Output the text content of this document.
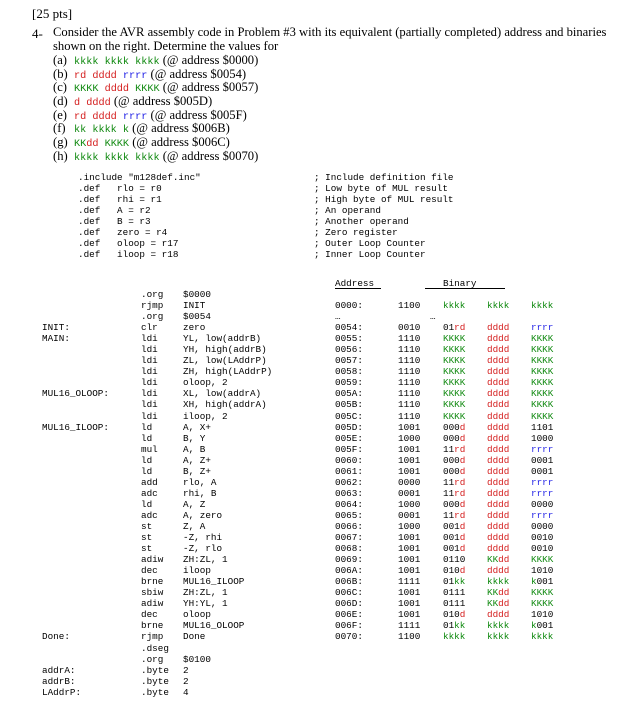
[25 pts]
4- Consider the AVR assembly code in Problem #3 with its equivalent (partially completed) address and binaries shown on the right. Determine the values for
(a) kkkk kkkk kkkk (@ address $0000)
(b) rd dddd rrrr (@ address $0054)
(c) KKKK dddd KKKK (@ address $0057)
(d) d dddd (@ address $005D)
(e) rd dddd rrrr (@ address $005F)
(f) kk kkkk k (@ address $006B)
(g) KKdd KKKK (@ address $006C)
(h) kkkk kkkk kkkk (@ address $0070)
.include "m128def.inc"	; Include definition file
.def   rlo = r0	; Low byte of MUL result
.def   rhi = r1	; High byte of MUL result
.def   A = r2	; An operand
.def   B = r3	; Another operand
.def   zero = r4	; Zero register
.def   oloop = r17	; Outer Loop Counter
.def   iloop = r18	; Inner Loop Counter

Address

	Binary

.org $0000
rjmp INIT	0000:	1100 kkkk kkkk kkkk
.org $0054	…	…
INIT:	clr	zero	0054:	0010 01rd dddd rrrr
MAIN:	ldi	YL, low(addrB)	0055:	1110 KKKK dddd KKKK
ldi	YH, high(addrB)	0056:	1110 KKKK dddd KKKK
ldi	ZL, low(LAddrP)	0057:	1110 KKKK dddd KKKK
ldi	ZH, high(LAddrP)	0058:	1110 KKKK dddd KKKK
ldi	oloop, 2	0059:	1110 KKKK dddd KKKK
MUL16_OLOOP:	ldi	XL, low(addrA)	005A:	1110 KKKK dddd KKKK
ldi	XH, high(addrA)	005B:	1110 KKKK dddd KKKK
ldi	iloop, 2	005C:	1110 KKKK dddd KKKK
MUL16_ILOOP:	ld	A, X+	005D:	1001 000d dddd 1101
ld	B, Y	005E:	1000 000d dddd 1000
mul	A, B	005F:	1001 11rd dddd rrrr
ld	A, Z+	0060:	1001 000d dddd 0001
ld	B, Z+	0061:	1001 000d dddd 0001
add	rlo, A	0062:	0000 11rd dddd rrrr
adc	rhi, B	0063:	0001 11rd dddd rrrr
ld	A, Z	0064:	1000 000d dddd 0000
adc	A, zero	0065:	0001 11rd dddd rrrr
st	Z, A	0066:	1000 001d dddd 0000
st	-Z, rhi	0067:	1001 001d dddd 0010
st	-Z, rlo	0068:	1001 001d dddd 0010
adiw ZH:ZL, 1	0069:	1001 0110 KKdd KKKK
dec	iloop	006A:	1001 010d dddd 1010
brne MUL16_ILOOP	006B:	1111 01kk kkkk k001
sbiw ZH:ZL, 1	006C:	1001 0111 KKdd KKKK
adiw YH:YL, 1	006D:	1001 0111 KKdd KKKK
dec	oloop	006E:	1001 010d dddd 1010
brne MUL16_OLOOP	006F:	1111 01kk kkkk k001
Done:	rjmp Done	0070:	1100 kkkk kkkk kkkk
.dseg
.org $0100
addrA:	.byte 2
addrB:	.byte 2
LAddrP:	.byte 4
